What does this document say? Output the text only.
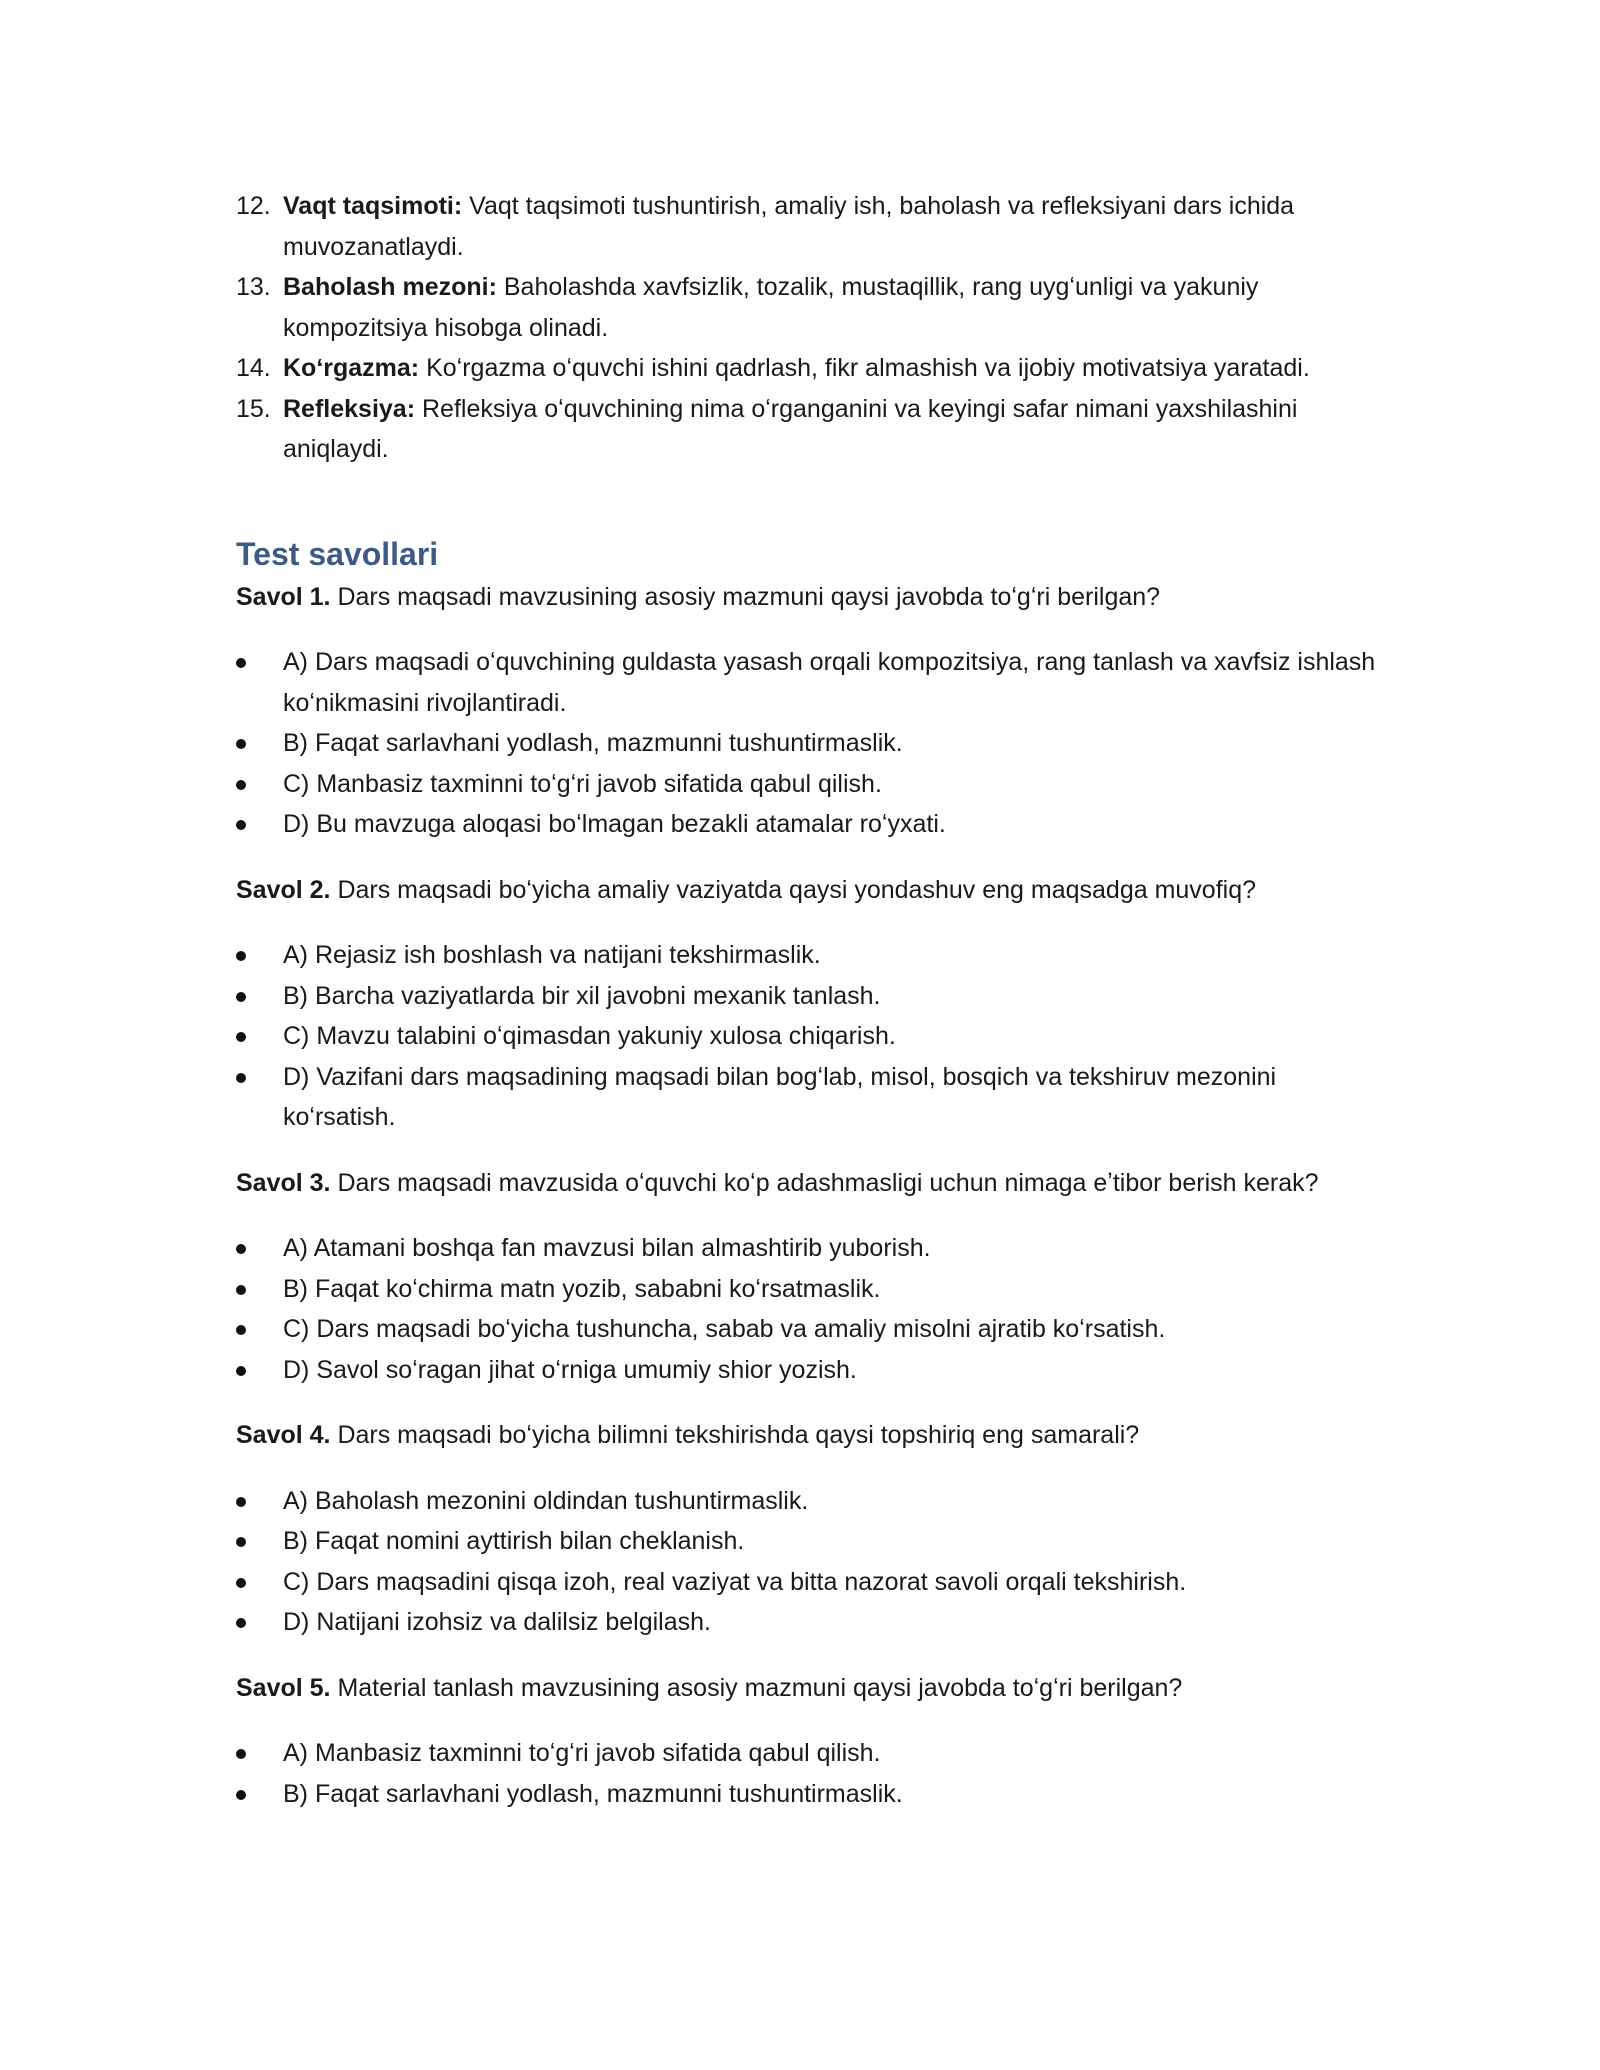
12. Vaqt taqsimoti: Vaqt taqsimoti tushuntirish, amaliy ish, baholash va refleksiyani dars ichida muvozanatlaydi.
13. Baholash mezoni: Baholashda xavfsizlik, tozalik, mustaqillik, rang uygʻunligi va yakuniy kompozitsiya hisobga olinadi.
14. Koʻrgazma: Koʻrgazma oʻquvchi ishini qadrlash, fikr almashish va ijobiy motivatsiya yaratadi.
15. Refleksiya: Refleksiya oʻquvchining nima oʻrganganini va keyingi safar nimani yaxshilashini aniqlaydi.
Test savollari

Savol 1. Dars maqsadi mavzusining asosiy mazmuni qaysi javobda toʻgʻri berilgan?

A) Dars maqsadi oʻquvchining guldasta yasash orqali kompozitsiya, rang tanlash va xavfsiz ishlash koʻnikmasini rivojlantiradi.
B) Faqat sarlavhani yodlash, mazmunni tushuntirmaslik.
C) Manbasiz taxminni toʻgʻri javob sifatida qabul qilish.
D) Bu mavzuga aloqasi boʻlmagan bezakli atamalar roʻyxati.

Savol 2. Dars maqsadi boʻyicha amaliy vaziyatda qaysi yondashuv eng maqsadga muvofiq?

A) Rejasiz ish boshlash va natijani tekshirmaslik.
B) Barcha vaziyatlarda bir xil javobni mexanik tanlash.
C) Mavzu talabini oʻqimasdan yakuniy xulosa chiqarish.
D) Vazifani dars maqsadining maqsadi bilan bogʻlab, misol, bosqich va tekshiruv mezonini koʻrsatish.

Savol 3. Dars maqsadi mavzusida oʻquvchi koʻp adashmasligi uchun nimaga eʼtibor berish kerak?

A) Atamani boshqa fan mavzusi bilan almashtirib yuborish.
B) Faqat koʻchirma matn yozib, sababni koʻrsatmaslik.
C) Dars maqsadi boʻyicha tushuncha, sabab va amaliy misolni ajratib koʻrsatish.
D) Savol soʻragan jihat oʻrniga umumiy shior yozish.

Savol 4. Dars maqsadi boʻyicha bilimni tekshirishda qaysi topshiriq eng samarali?

A) Baholash mezonini oldindan tushuntirmaslik.
B) Faqat nomini ayttirish bilan cheklanish.
C) Dars maqsadini qisqa izoh, real vaziyat va bitta nazorat savoli orqali tekshirish.
D) Natijani izohsiz va dalilsiz belgilash.

Savol 5. Material tanlash mavzusining asosiy mazmuni qaysi javobda toʻgʻri berilgan?

A) Manbasiz taxminni toʻgʻri javob sifatida qabul qilish.
B) Faqat sarlavhani yodlash, mazmunni tushuntirmaslik.
